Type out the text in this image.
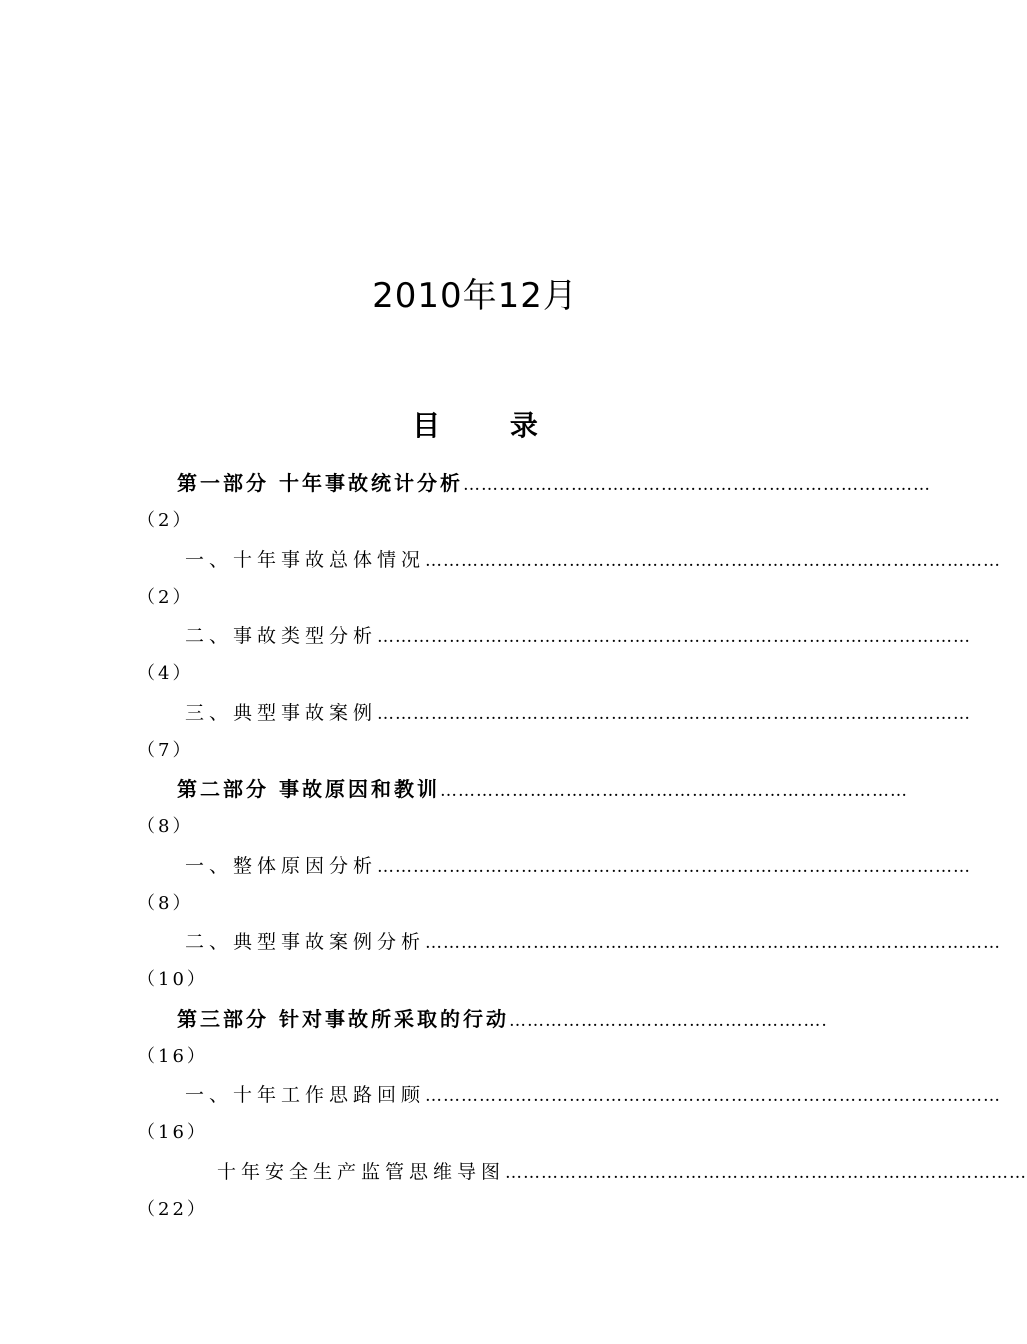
2010年12月
目 录
第一部分 十年事故统计分析 ……………………………………………………………………
（2）
一、十年事故总体情况 ……………………………………………………………………………………
（2）
二、事故类型分析 ………………………………………………………………………………………
（4）
三、典型事故案例 ………………………………………………………………………………………
（7）
第二部分 事故原因和教训 ……………………………………………………………………
（8）
一、整体原因分析 ………………………………………………………………………………………
（8）
二、典型事故案例分析 ……………………………………………………………………………………
（10）
第三部分 针对事故所采取的行动 ………………………………………….….
（16）
一、十年工作思路回顾 ……………………………………………………………………………………
（16）
十年安全生产监管思维导图 ……………………………………………………………………………
（22）
